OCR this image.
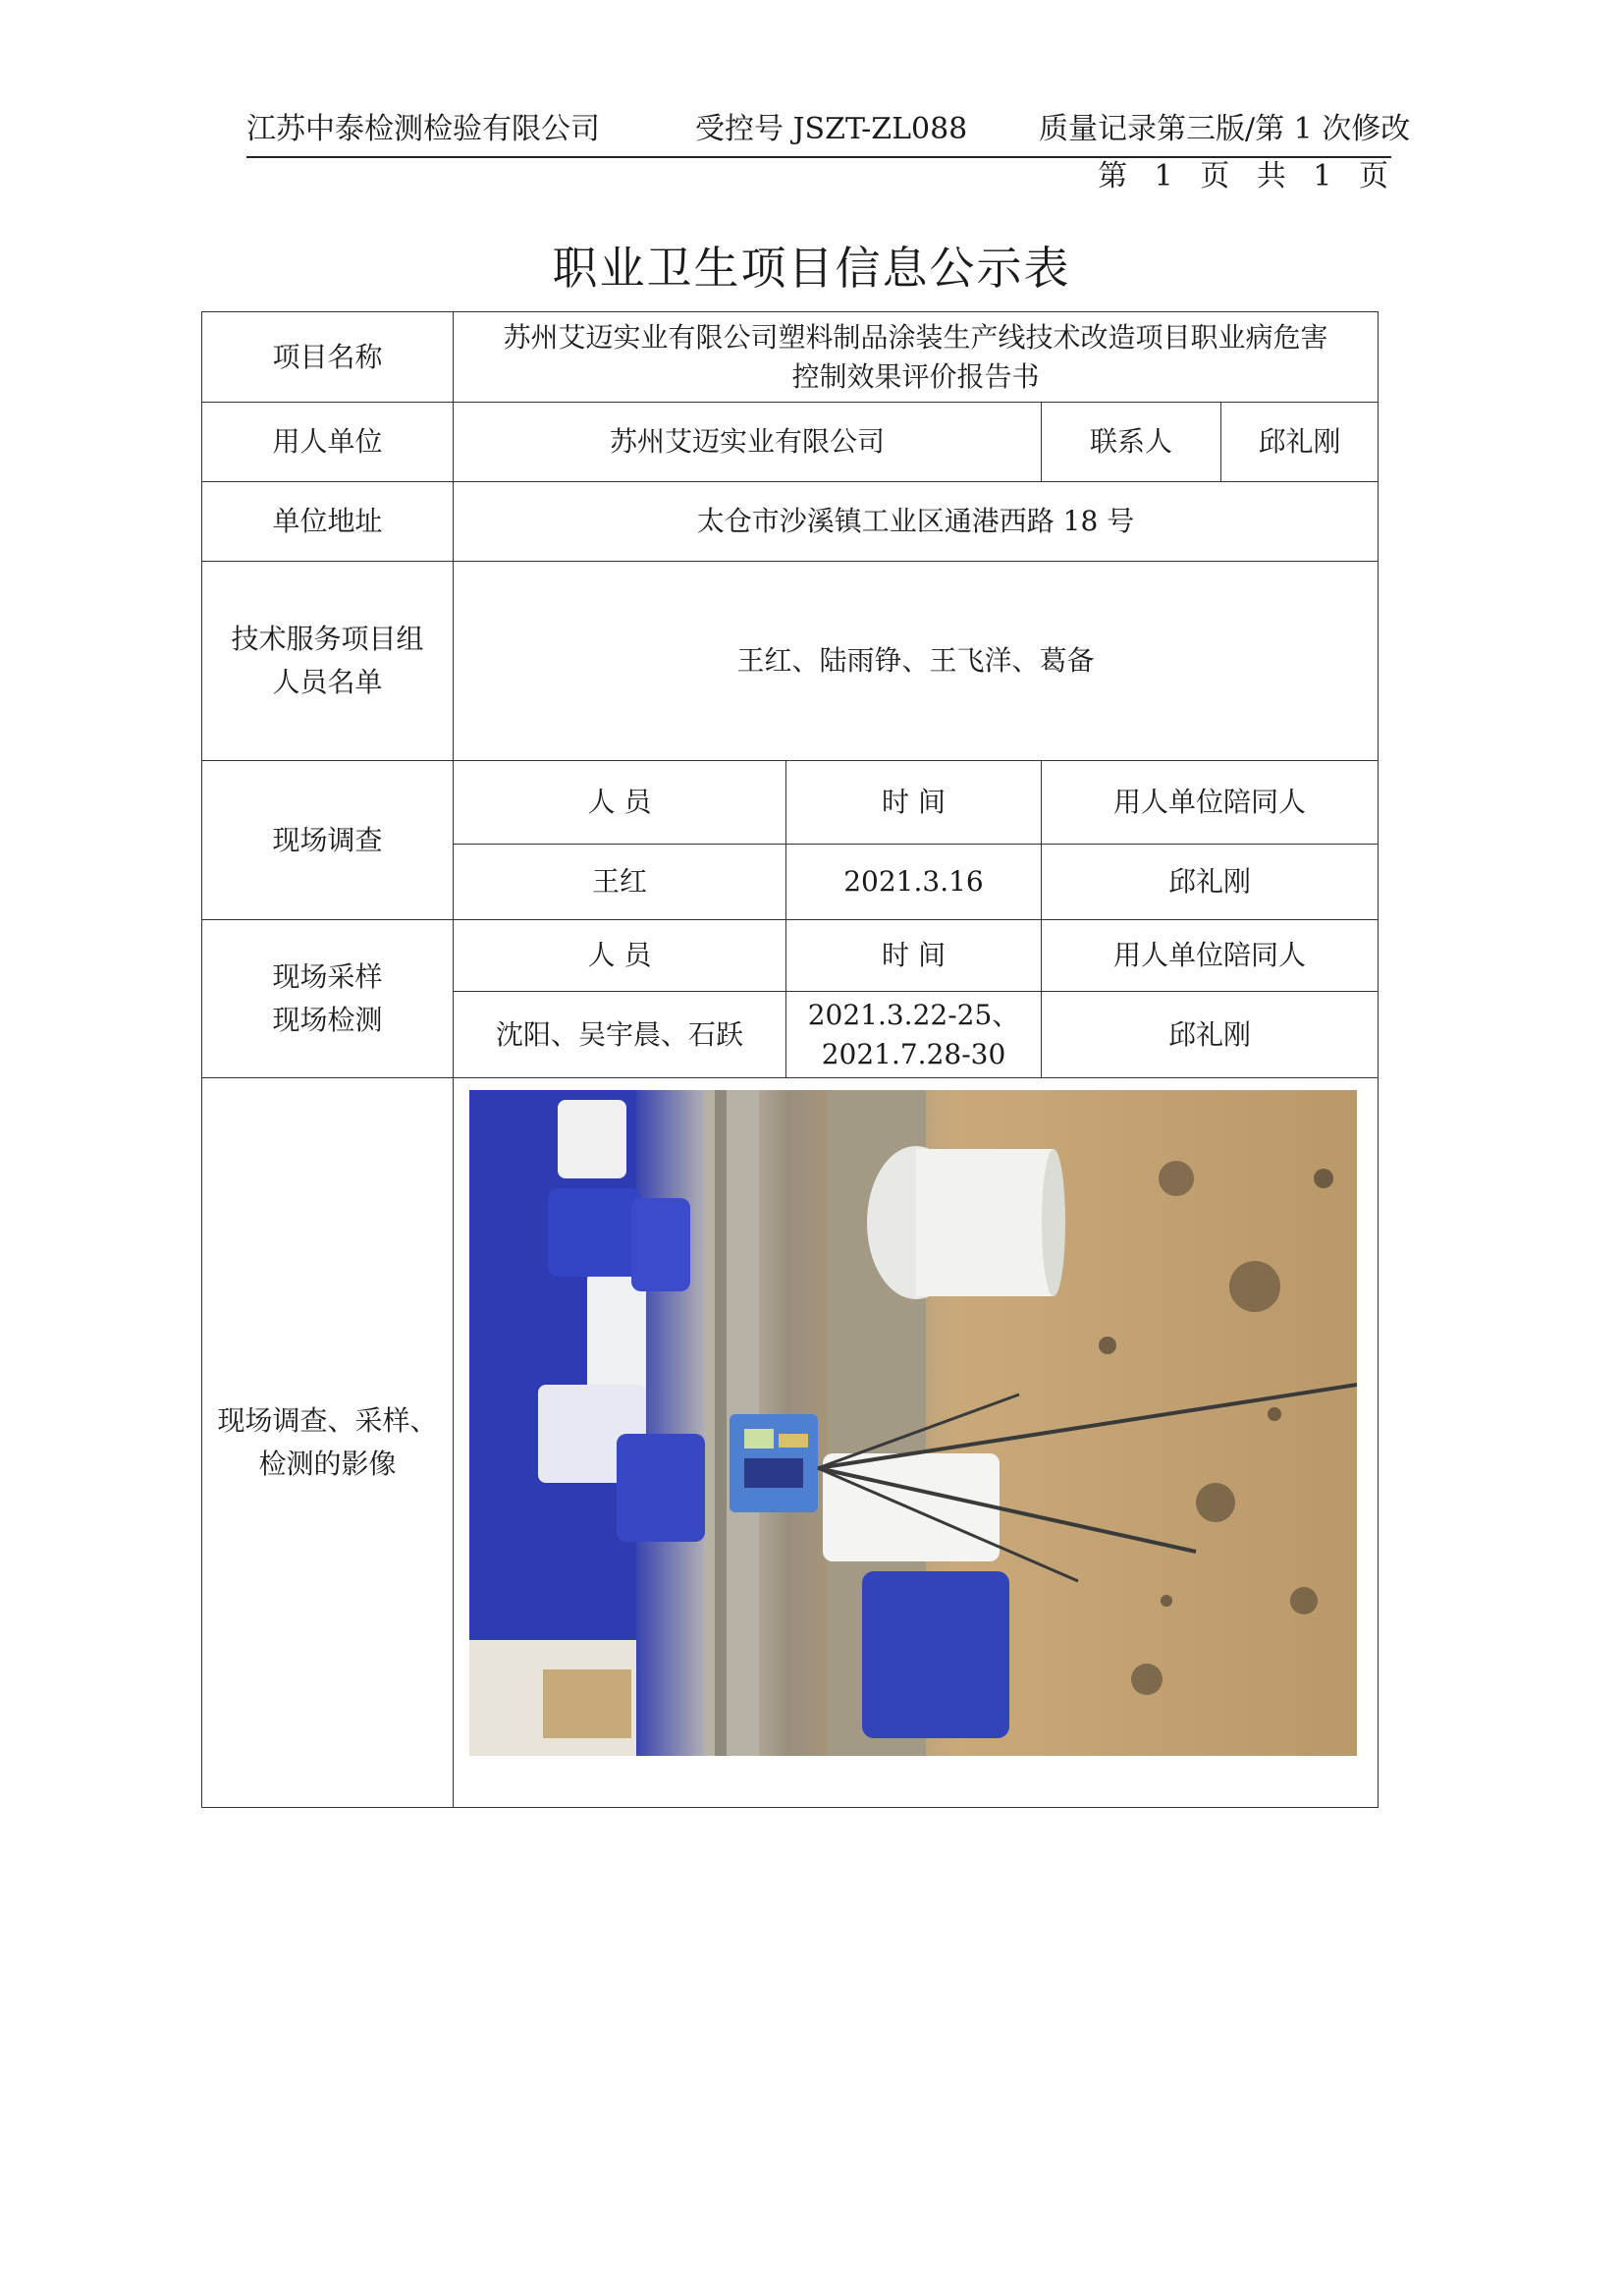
江苏中泰检测检验有限公司	受控号 JSZT-ZL088 质量记录第三版/第 1 次修改
第 1 页 共 1 页
职业卫生项目信息公示表
项目名称	苏州艾迈实业有限公司塑料制品涂装生产线技术改造项目职业病危害
控制效果评价报告书			

用人单位	苏州艾迈实业有限公司		联系人	邱礼刚
单位地址	太仓市沙溪镇工业区通港西路 18 号			

技术服务项目组
人员名单	王红、陆雨铮、王飞洋、葛备			
现场调查	人 员	时 间	用人单位陪同人	
	王红	2021.3.16	邱礼刚	

现场采样
现场检测	人 员	时 间	用人单位陪同人	
	沈阳、吴宇晨、石跃	2021.3.22-25、
2021.7.28-30	邱礼刚	

现场调查、采样、
检测的影像
